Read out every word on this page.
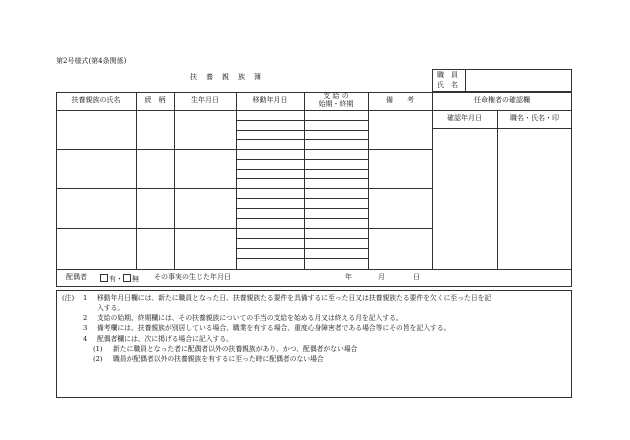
第2号様式(第4条関係)
扶　養　親　族　簿	職　員
氏　名
扶養親族の氏名	続　柄	生年月日	移動年月日	支 給 の
始期・終期	備　　考	任命権者の確認欄
確認年月日	職名・氏名・印
配偶者	有・ 無 その事実の生じた年月日	年	月	日
(注) 1 移動年月日欄には、新たに職員となった日、扶養親族たる要件を具備するに至った日又は扶養親族たる要件を欠くに至った日を記
入する。
2 支給の始期、終期欄には、その扶養親族についての手当の支給を始める月又は終える月を記入する。
3 備考欄には、扶養親族が別居している場合、職業を有する場合、重度心身障害者である場合等にその旨を記入する。
4 配偶者欄には、次に掲げる場合に記入する。
(1) 新たに職員となった者に配偶者以外の扶養親族があり、かつ、配偶者がない場合
(2) 職員が配偶者以外の扶養親族を有するに至った時に配偶者のない場合
